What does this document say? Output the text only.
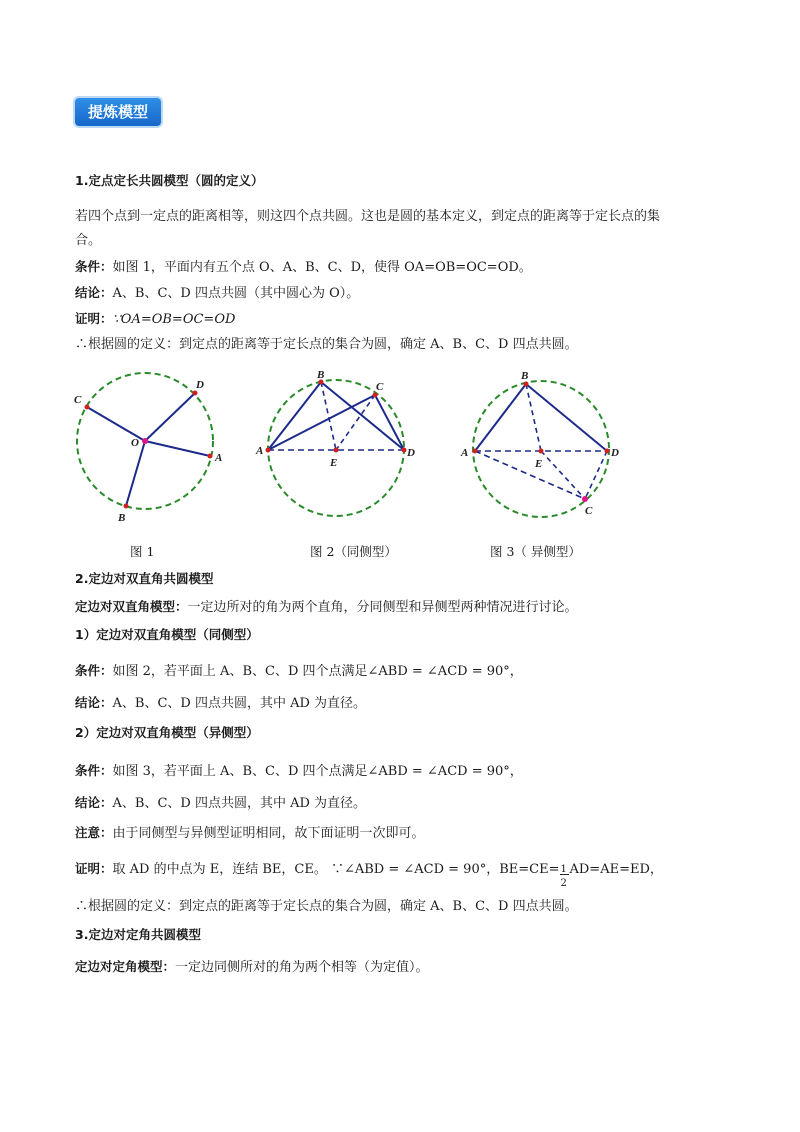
提炼模型
1.定点定长共圆模型（圆的定义）
若四个点到一定点的距离相等，则这四个点共圆。这也是圆的基本定义，到定点的距离等于定长点的集
合。
条件：如图 1，平面内有五个点 O、A、B、C、D，使得 OA=OB=OC=OD。
结论：A、B、C、D 四点共圆（其中圆心为 O）。
证明：∵OA=OB=OC=OD
∴根据圆的定义：到定点的距离等于定长点的集合为圆，确定 A、B、C、D 四点共圆。
O
C
D
A
B
B
C
A	D
E
B
A	D
E
C
图 1	图 2（同侧型）	图 3（ 异侧型）
2.定边对双直角共圆模型
定边对双直角模型：一定边所对的角为两个直角，分同侧型和异侧型两种情况进行讨论。
1）定边对双直角模型（同侧型）
条件：如图 2，若平面上 A、B、C、D 四个点满足∠ABD = ∠ACD = 90°，
结论：A、B、C、D 四点共圆，其中 AD 为直径。
2）定边对双直角模型（异侧型）
条件：如图 3，若平面上 A、B、C、D 四个点满足∠ABD = ∠ACD = 90°，
结论：A、B、C、D 四点共圆，其中 AD 为直径。
注意：由于同侧型与异侧型证明相同，故下面证明一次即可。
证明：取 AD 的中点为 E，连结 BE，CE。 ∵∠ABD = ∠ACD = 90°，BE=CE=
$\frac{1}{2}$
AD=AE=ED，
∴根据圆的定义：到定点的距离等于定长点的集合为圆，确定 A、B、C、D 四点共圆。
3.定边对定角共圆模型
定边对定角模型：一定边同侧所对的角为两个相等（为定值）。
